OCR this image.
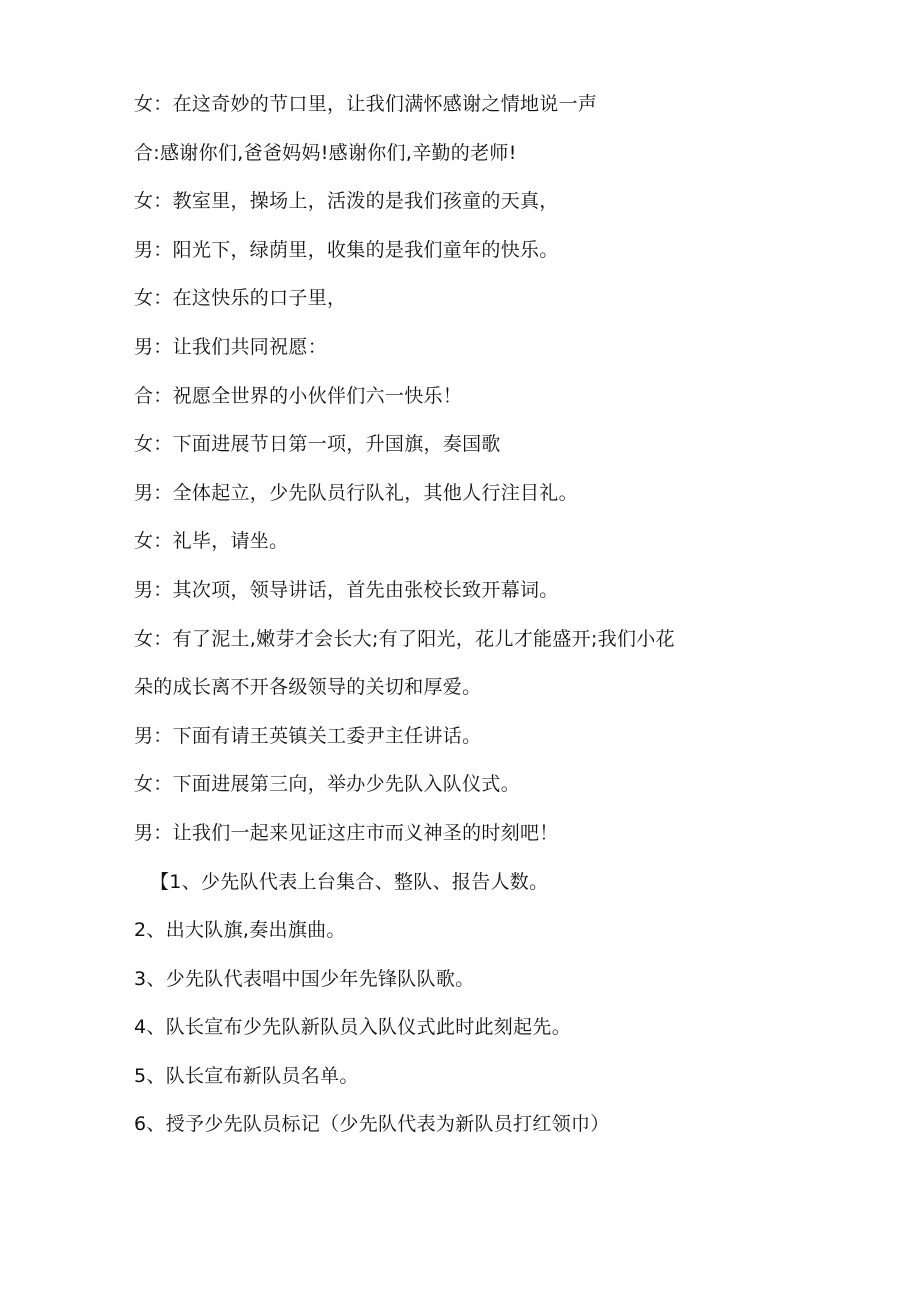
女：在这奇妙的节口里，让我们满怀感谢之情地说一声
合:感谢你们,爸爸妈妈!感谢你们,辛勤的老师!
女：教室里，操场上，活泼的是我们孩童的天真，
男：阳光下，绿荫里，收集的是我们童年的快乐。
女：在这快乐的口子里，
男：让我们共同祝愿：
合：祝愿全世界的小伙伴们六一快乐！
女：下面进展节日第一项，升国旗，奏国歌
男：全体起立，少先队员行队礼，其他人行注目礼。
女：礼毕，请坐。
男：其次项，领导讲话，首先由张校长致开幕词。
女：有了泥土,嫩芽才会长大;有了阳光，花儿才能盛开;我们小花
朵的成长离不开各级领导的关切和厚爱。
男：下面有请王英镇关工委尹主任讲话。
女：下面进展第三向，举办少先队入队仪式。
男：让我们一起来见证这庄市而义神圣的时刻吧！
【1、少先队代表上台集合、整队、报告人数。
2、出大队旗,奏出旗曲。
3、少先队代表唱中国少年先锋队队歌。
4、队长宣布少先队新队员入队仪式此时此刻起先。
5、队长宣布新队员名单。
6、授予少先队员标记（少先队代表为新队员打红领巾）
